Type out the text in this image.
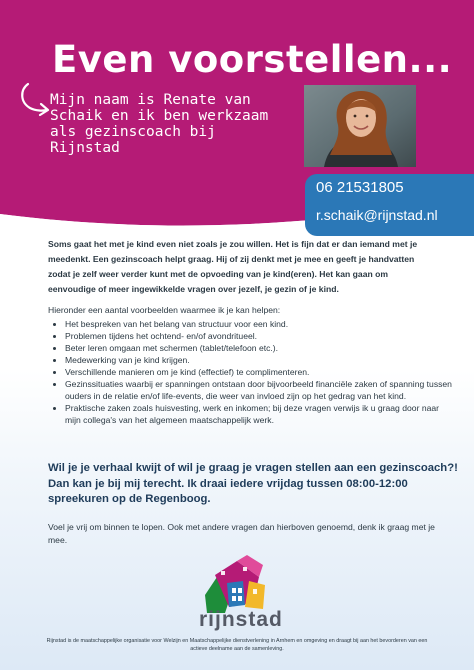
Even voorstellen...

Mijn naam is Renate van Schaik en ik ben werkzaam als gezinscoach bij Rijnstad

06 21531805
r.schaik@rijnstad.nl

Soms gaat het met je kind even niet zoals je zou willen. Het is fijn dat er dan iemand met je meedenkt. Een gezinscoach helpt graag. Hij of zij denkt met je mee en geeft je handvatten zodat je zelf weer verder kunt met de opvoeding van je kind(eren). Het kan gaan om eenvoudige of meer ingewikkelde vragen over jezelf, je gezin of je kind.

Hieronder een aantal voorbeelden waarmee ik je kan helpen:

• Het bespreken van het belang van structuur voor een kind.
• Problemen tijdens het ochtend- en/of avondritueel.
• Beter leren omgaan met schermen (tablet/telefoon etc.).
• Medewerking van je kind krijgen.
• Verschillende manieren om je kind (effectief) te complimenteren.
• Gezinssituaties waarbij er spanningen ontstaan door bijvoorbeeld financiële zaken of spanning tussen ouders in de relatie en/of life-events, die weer van invloed zijn op het gedrag van het kind.
• Praktische zaken zoals huisvesting, werk en inkomen; bij deze vragen verwijs ik u graag door naar mijn collega's van het algemeen maatschappelijk werk.

Wil je je verhaal kwijt of wil je graag je vragen stellen aan een gezinscoach?! Dan kan je bij mij terecht. Ik draai iedere vrijdag tussen 08:00-12:00 spreekuren op de Regenboog.

Voel je vrij om binnen te lopen. Ook met andere vragen dan hierboven genoemd, denk ik graag met je mee.

rijnstad

Rijnstad is de maatschappelijke organisatie voor Welzijn en Maatschappelijke dienstverlening in Arnhem en omgeving en draagt bij aan het bevorderen van een actieve deelname aan de samenleving.
